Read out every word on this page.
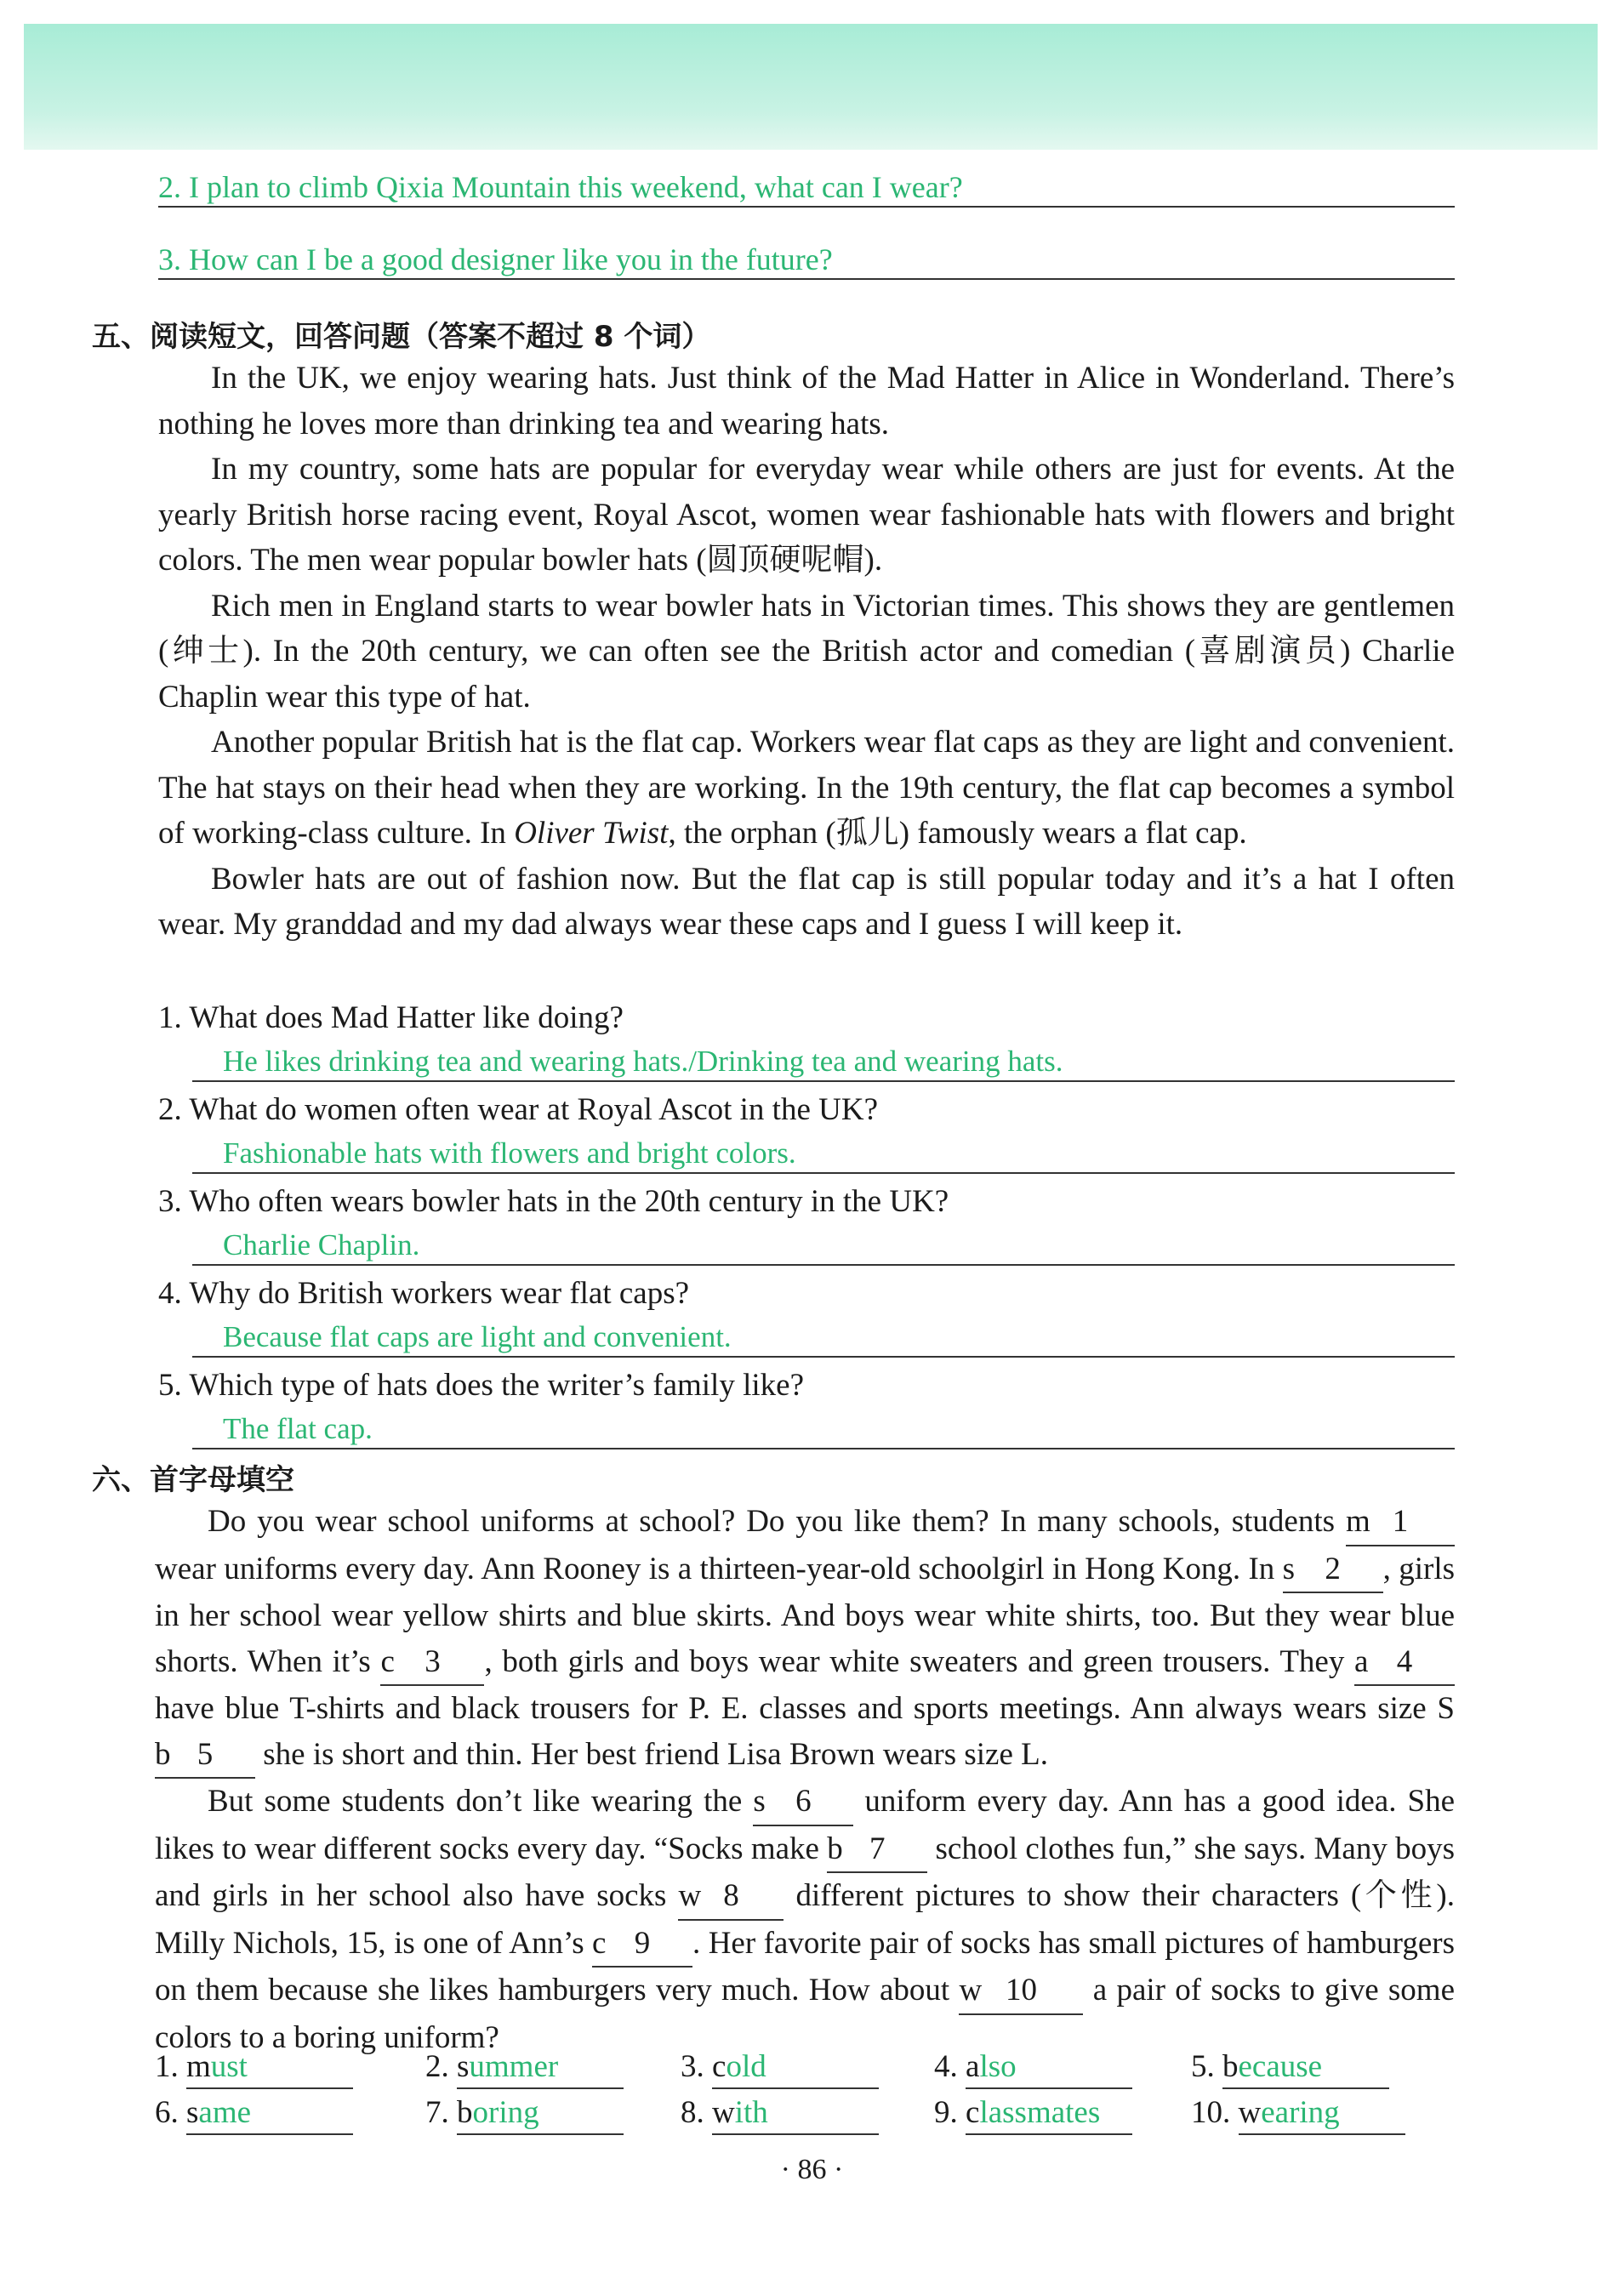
2. I plan to climb Qixia Mountain this weekend, what can I wear?
3. How can I be a good designer like you in the future?
五、阅读短文，回答问题（答案不超过 8 个词）

In the UK, we enjoy wearing hats. Just think of the Mad Hatter in Alice in Wonderland. There’s nothing he loves more than drinking tea and wearing hats.

In my country, some hats are popular for everyday wear while others are just for events. At the yearly British horse racing event, Royal Ascot, women wear fashionable hats with flowers and bright colors. The men wear popular bowler hats (圆顶硬呢帽).

Rich men in England starts to wear bowler hats in Victorian times. This shows they are gentlemen (绅士). In the 20th century, we can often see the British actor and comedian (喜剧演员) Charlie Chaplin wear this type of hat.

Another popular British hat is the flat cap. Workers wear flat caps as they are light and convenient. The hat stays on their head when they are working. In the 19th century, the flat cap becomes a symbol of working-class culture. In Oliver Twist, the orphan (孤儿) famously wears a flat cap.

Bowler hats are out of fashion now. But the flat cap is still popular today and it’s a hat I often wear. My granddad and my dad always wear these caps and I guess I will keep it.

1. What does Mad Hatter like doing?
He likes drinking tea and wearing hats./Drinking tea and wearing hats.
2. What do women often wear at Royal Ascot in the UK?
Fashionable hats with flowers and bright colors.
3. Who often wears bowler hats in the 20th century in the UK?
Charlie Chaplin.
4. Why do British workers wear flat caps?
Because flat caps are light and convenient.
5. Which type of hats does the writer’s family like?
The flat cap.
六、首字母填空

Do you wear school uniforms at school? Do you like them? In many schools, students m 1
wear uniforms every day. Ann Rooney is a thirteen-year-old schoolgirl in Hong Kong. In s 2	, girls in her school wear yellow shirts and blue skirts. And boys wear white shirts, too. But they wear blue shorts. When it’s c 3	, both girls and boys wear white sweaters and green trousers. They a 4
have blue T-shirts and black trousers for P. E. classes and sports meetings. Ann always wears size S b 5	she is short and thin. Her best friend Lisa Brown wears size L.

But some students don’t like wearing the s 6	uniform every day. Ann has a good idea. She likes to wear different socks every day. “Socks make b 7	school clothes fun,” she says. Many boys and girls in her school also have socks w 8	different pictures to show their characters (个性). Milly Nichols, 15, is one of Ann’s c 9	. Her favorite pair of socks has small pictures of hamburgers on them because she likes hamburgers very much. How about w 10	a pair of socks to give some colors to a boring uniform?

1. must	2. summer	3. cold	4. also	5. because
6. same	7. boring	8. with	9. classmates	10. wearing
· 86 ·
